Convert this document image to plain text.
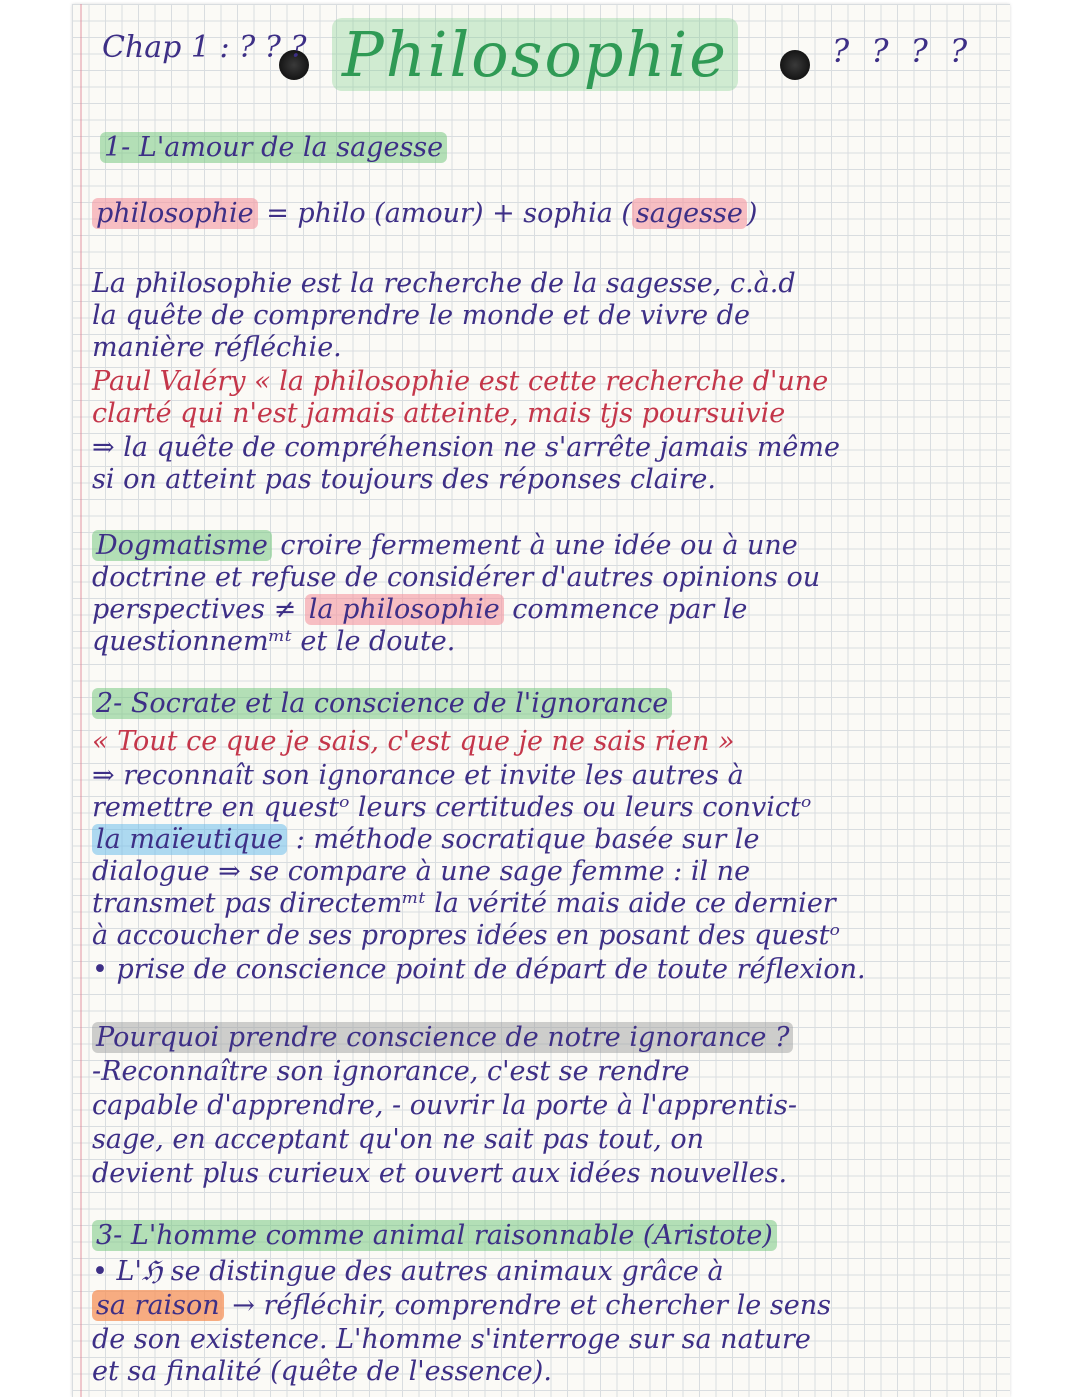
Chap 1 : ? ? ? Philosophie	? ? ? ?
1- L'amour de la sagesse
philosophie = philo (amour) + sophia ( sagesse )
La philosophie est la recherche de la sagesse, c.à.d
la quête de comprendre le monde et de vivre de
manière réfléchie.
Paul Valéry « la philosophie est cette recherche d'une
clarté qui n'est jamais atteinte, mais tjs poursuivie
⇒ la quête de compréhension ne s'arrête jamais même
si on atteint pas toujours des réponses claire.
Dogmatisme croire fermement à une idée ou à une
doctrine et refuse de considérer d'autres opinions ou
perspectives ≠ la philosophie commence par le
questionnemᵐᵗ et le doute.
2- Socrate et la conscience de l'ignorance
« Tout ce que je sais, c'est que je ne sais rien »
⇒ reconnaît son ignorance et invite les autres à
remettre en questᵒ leurs certitudes ou leurs convictᵒ
la maïeutique : méthode socratique basée sur le
dialogue ⇒ se compare à une sage femme : il ne
transmet pas directemᵐᵗ la vérité mais aide ce dernier
à accoucher de ses propres idées en posant des questᵒ
• prise de conscience point de départ de toute réflexion.
Pourquoi prendre conscience de notre ignorance ?
-Reconnaître son ignorance, c'est se rendre
capable d'apprendre, - ouvrir la porte à l'apprentis-
sage, en acceptant qu'on ne sait pas tout, on
devient plus curieux et ouvert aux idées nouvelles.
3- L'homme comme animal raisonnable (Aristote)
• L'ℌ se distingue des autres animaux grâce à
sa raison → réfléchir, comprendre et chercher le sens
de son existence. L'homme s'interroge sur sa nature
et sa finalité (quête de l'essence).
